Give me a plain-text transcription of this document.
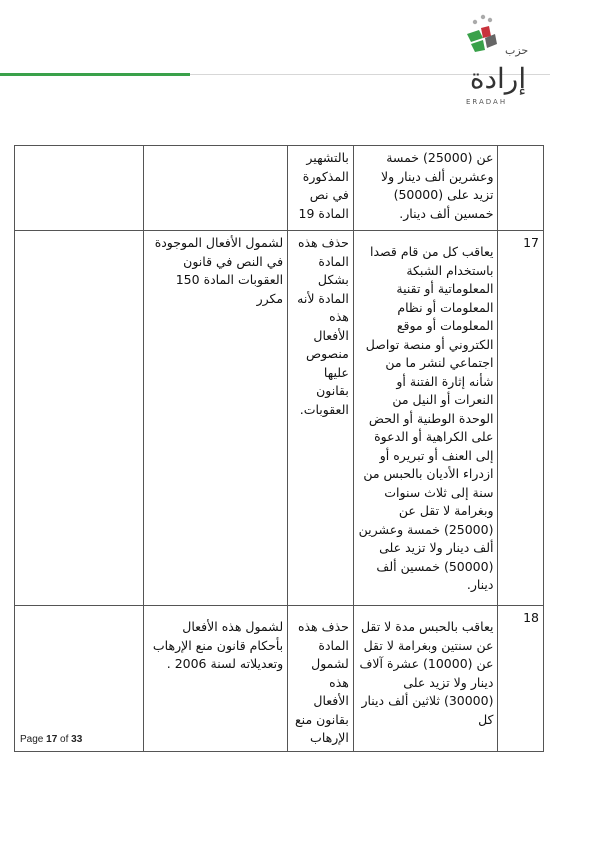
حزب
إرادة
ERADAH
	عن (25000) خمسة وعشرين ألف دينار ولا تزيد على (50000) خمسين ألف دينار.	بالتشهير المذكورة في نص المادة 19		
17	يعاقب كل من قام قصدا باستخدام الشبكة المعلوماتية أو تقنية المعلومات أو نظام المعلومات أو موقع الكتروني أو منصة تواصل اجتماعي لنشر ما من شأنه إثارة الفتنة أو النعرات أو النيل من الوحدة الوطنية أو الحض على الكراهية أو الدعوة إلى العنف أو تبريره أو ازدراء الأديان بالحبس من سنة إلى ثلاث سنوات وبغرامة لا تقل عن (25000) خمسة وعشرين ألف دينار ولا تزيد على (50000) خمسين ألف دينار.	حذف هذه المادة بشكل المادة لأنه هذه الأفعال منصوص عليها بقانون العقوبات.	لشمول الأفعال الموجودة في النص في قانون العقوبات المادة 150 مكرر	
18	يعاقب بالحبس مدة لا تقل عن سنتين وبغرامة لا تقل عن (10000) عشرة آلاف دينار ولا تزيد على (30000) ثلاثين ألف دينار كل	حذف هذه المادة لشمول هذه الأفعال بقانون منع الإرهاب	لشمول هذه الأفعال بأحكام قانون منع الإرهاب وتعديلاته لسنة 2006 .	
Page 17 of 33
